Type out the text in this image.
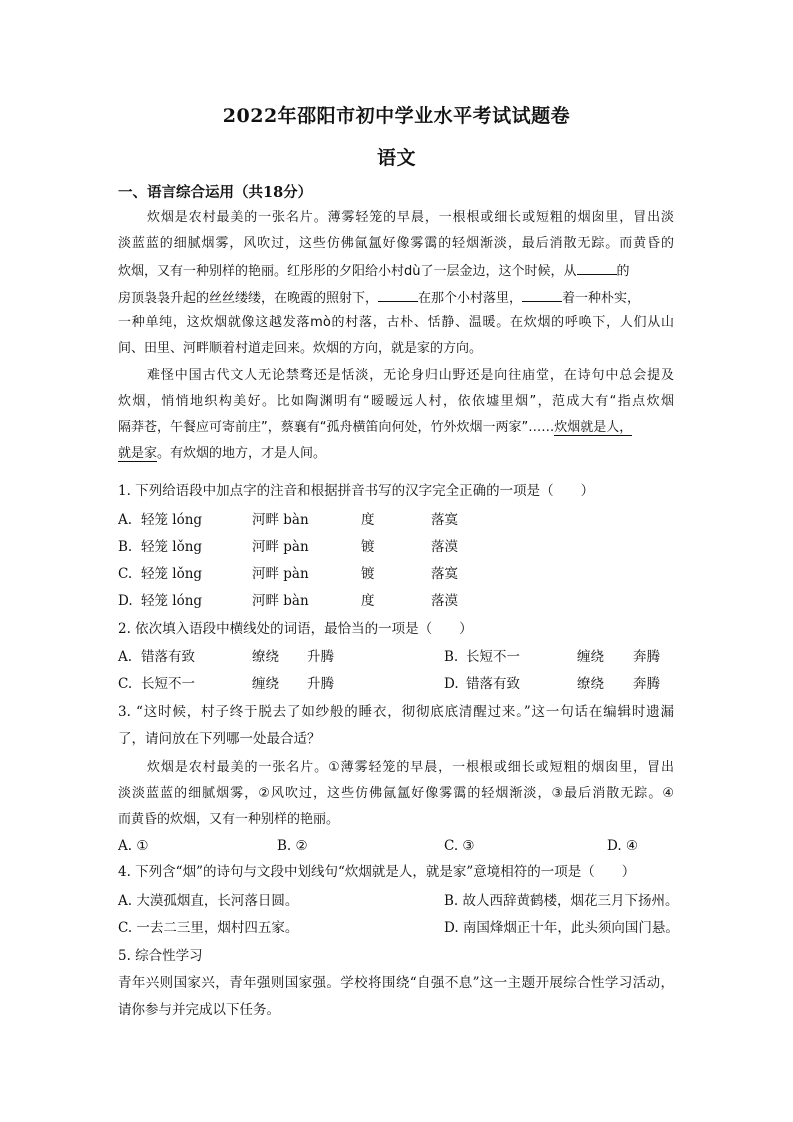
2022年邵阳市初中学业水平考试试题卷
语文
一、语言综合运用（共18分）
炊烟是农村最美的一张名片。薄雾轻笼的早晨，一根根或细长或短粗的烟囱里，冒出淡
淡蓝蓝的细腻烟雾，风吹过，这些仿佛氤氲好像雾霭的轻烟渐淡，最后消散无踪。而黄昏的
炊烟，又有一种别样的艳丽。红彤彤的夕阳给小村dù了一层金边，这个时候，从	的
房顶袅袅升起的丝丝缕缕，在晚霞的照射下，	在那个小村落里，	着一种朴实，
一种单纯，这炊烟就像这越发落mò的村落，古朴、恬静、温暖。在炊烟的呼唤下，人们从山
间、田里、河畔顺着村道走回来。炊烟的方向，就是家的方向。
难怪中国古代文人无论禁骛还是恬淡，无论身归山野还是向往庙堂，在诗句中总会提及
炊烟，悄悄地织构美好。比如陶渊明有“暧暧远人村，依依墟里烟”，范成大有“指点炊烟
隔莽苍，午餐应可寄前庄”，蔡襄有“孤舟横笛向何处，竹外炊烟一两家”……炊烟就是人，
就是家。有炊烟的地方，才是人间。
1. 下列给语段中加点字的注音和根据拼音书写的汉字完全正确的一项是（　　）
A. 轻笼 lóng	河畔 bàn	度	落寞
B. 轻笼 lǒng	河畔 pàn	镀	落漠
C. 轻笼 lǒng	河畔 pàn	镀	落寞
D. 轻笼 lóng	河畔 bàn	度	落漠
2. 依次填入语段中横线处的词语，最恰当的一项是（　　）
A. 错落有致	缭绕 升腾	B. 长短不一	缠绕 奔腾
C. 长短不一	缠绕 升腾	D. 错落有致	缭绕 奔腾
3. “这时候，村子终于脱去了如纱般的睡衣，彻彻底底清醒过来。”这一句话在编辑时遗漏
了，请问放在下列哪一处最合适？
炊烟是农村最美的一张名片。①薄雾轻笼的早晨，一根根或细长或短粗的烟囱里，冒出
淡淡蓝蓝的细腻烟雾，②风吹过，这些仿佛氤氲好像雾霭的轻烟渐淡，③最后消散无踪。④
而黄昏的炊烟，又有一种别样的艳丽。
A. ①	B. ②	C. ③	D. ④
4. 下列含“烟”的诗句与文段中划线句“炊烟就是人，就是家”意境相符的一项是（　　）
A. 大漠孤烟直，长河落日圆。	B. 故人西辞黄鹤楼，烟花三月下扬州。
C. 一去二三里，烟村四五家。	D. 南国烽烟正十年，此头须向国门悬。
5. 综合性学习
青年兴则国家兴，青年强则国家强。学校将围绕“自强不息”这一主题开展综合性学习活动，
请你参与并完成以下任务。
